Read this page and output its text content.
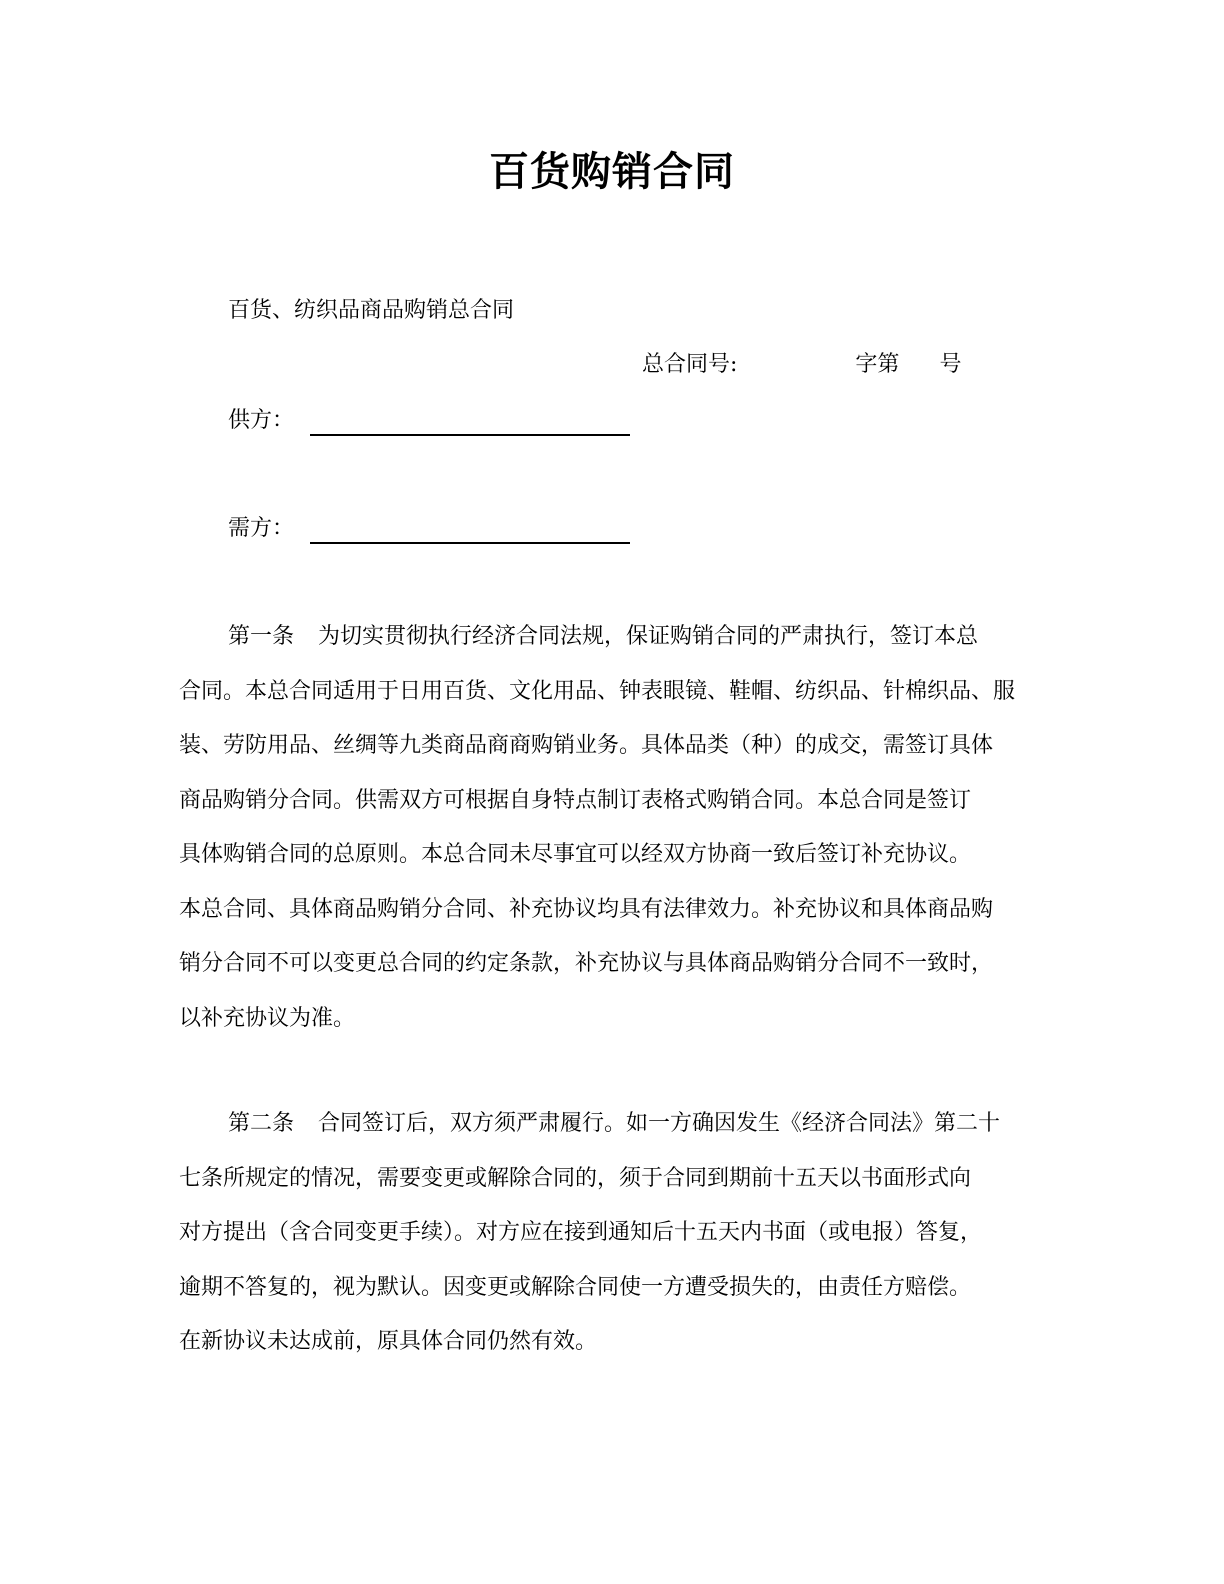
百货购销合同
百货、纺织品商品购销总合同
总合同号:	字第 号
供方：
需方：
第一条 为切实贯彻执行经济合同法规，保证购销合同的严肃执行，签订本总
合同。本总合同适用于日用百货、文化用品、钟表眼镜、鞋帽、纺织品、针棉织品、服
装、劳防用品、丝绸等九类商品商商购销业务。具体品类（种）的成交，需签订具体
商品购销分合同。供需双方可根据自身特点制订表格式购销合同。本总合同是签订
具体购销合同的总原则。本总合同未尽事宜可以经双方协商一致后签订补充协议。
本总合同、具体商品购销分合同、补充协议均具有法律效力。补充协议和具体商品购
销分合同不可以变更总合同的约定条款，补充协议与具体商品购销分合同不一致时，
以补充协议为准。
第二条 合同签订后，双方须严肃履行。如一方确因发生《经济合同法》第二十
七条所规定的情况，需要变更或解除合同的，须于合同到期前十五天以书面形式向
对方提出（含合同变更手续）。对方应在接到通知后十五天内书面（或电报）答复，
逾期不答复的，视为默认。因变更或解除合同使一方遭受损失的，由责任方赔偿。
在新协议未达成前，原具体合同仍然有效。
